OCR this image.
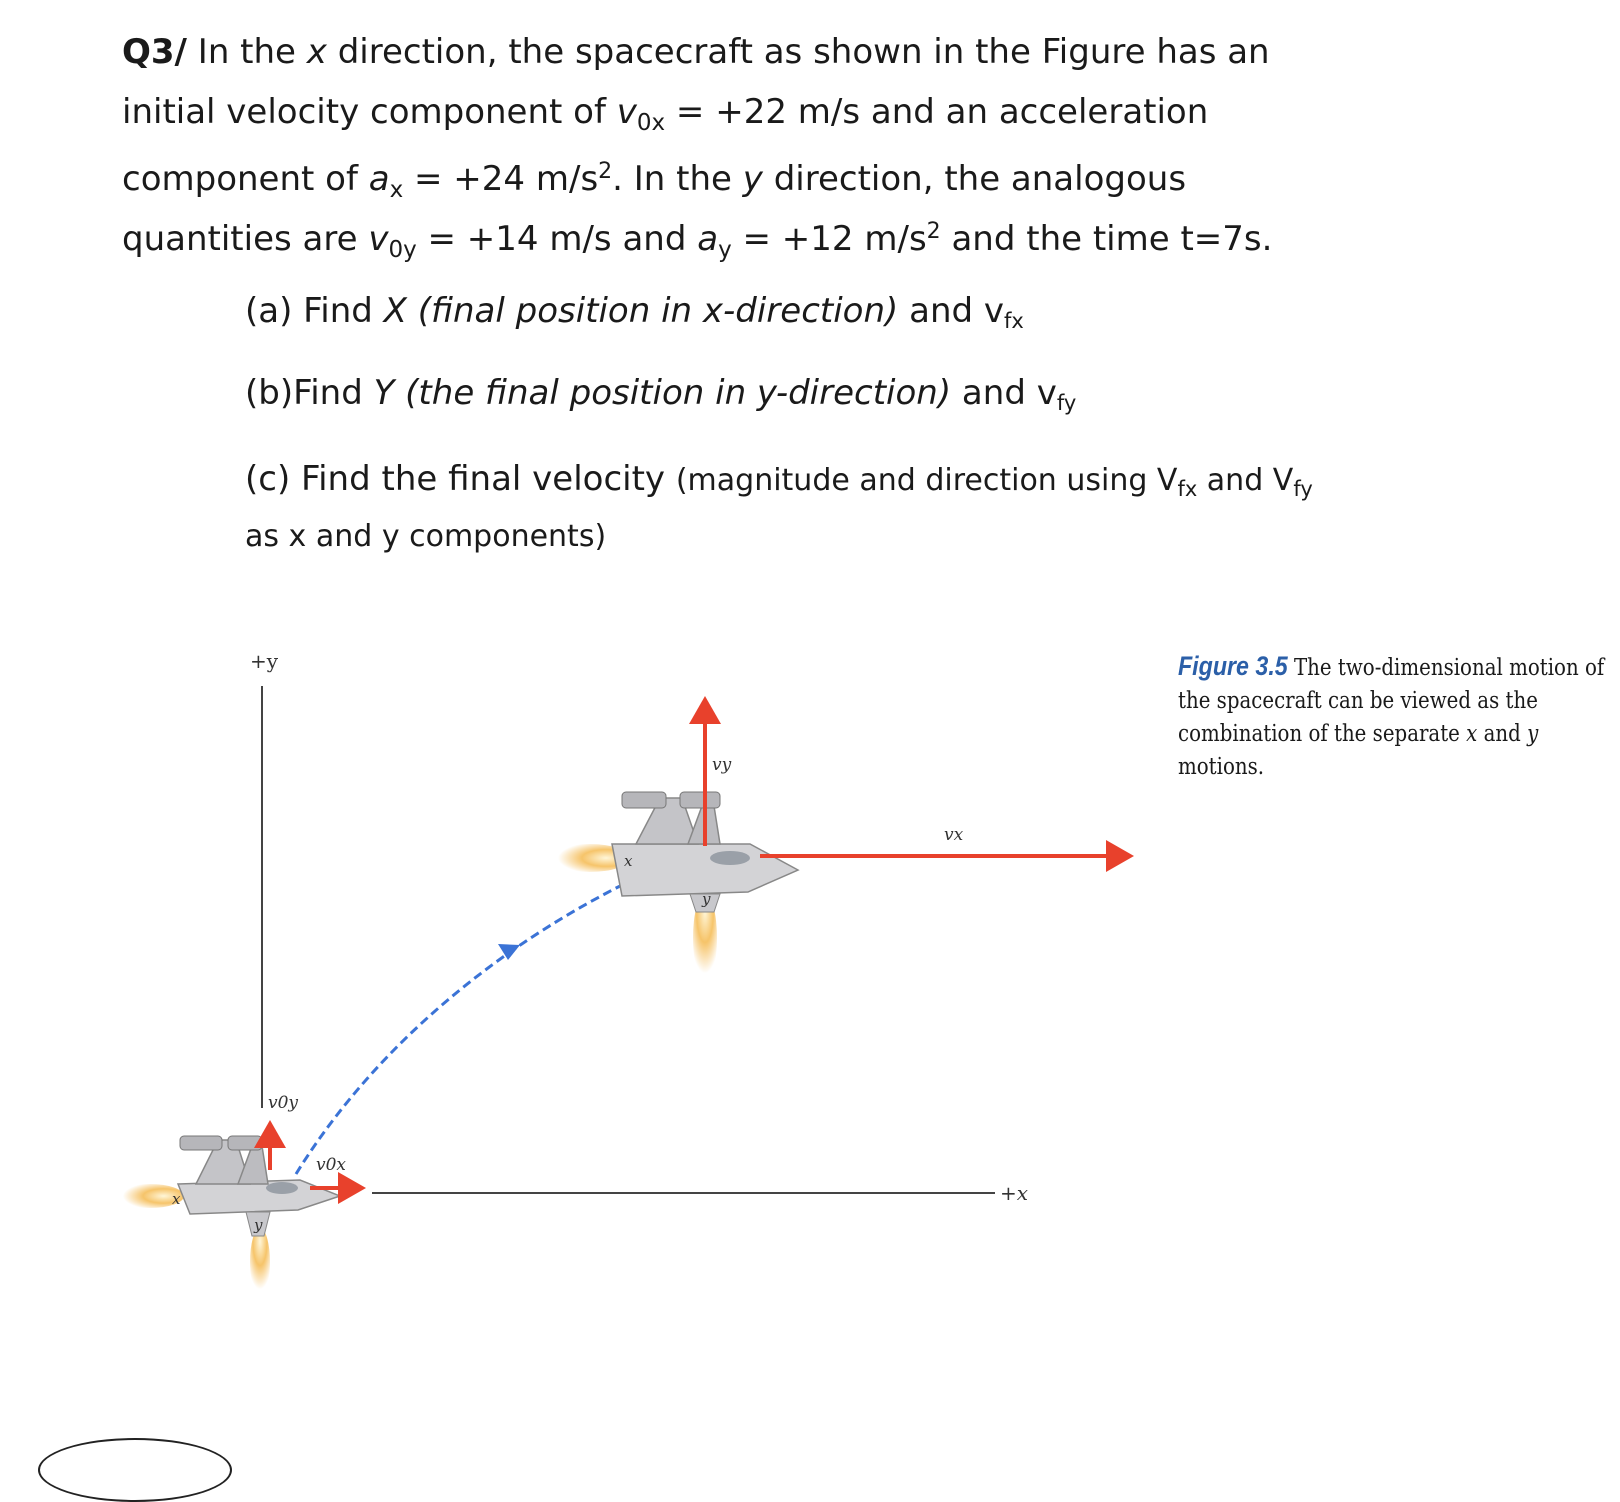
Q3/ In the x direction, the spacecraft as shown in the Figure has an
initial velocity component of $v_{0x} = +22$ m/s and an acceleration
component of $a_x = +24$ $m/s^2$. In the y direction, the analogous
quantities are $v_{0y} = +14$ m/s and $a_y = +12$ $m/s^2$ and the time t=7s.
(a) Find X (final position in x-direction) and vfx
(b)Find Y (the final position in y-direction) and vfy
(c) Find the final velocity (magnitude and direction using Vfx and Vfy
as x and y components)
+y
+x
x
y
v0y
v0x
x
y
vy
vx
Figure 3.5 The two-dimensional motion of the spacecraft can be viewed as the combination of the separate x and y motions.
